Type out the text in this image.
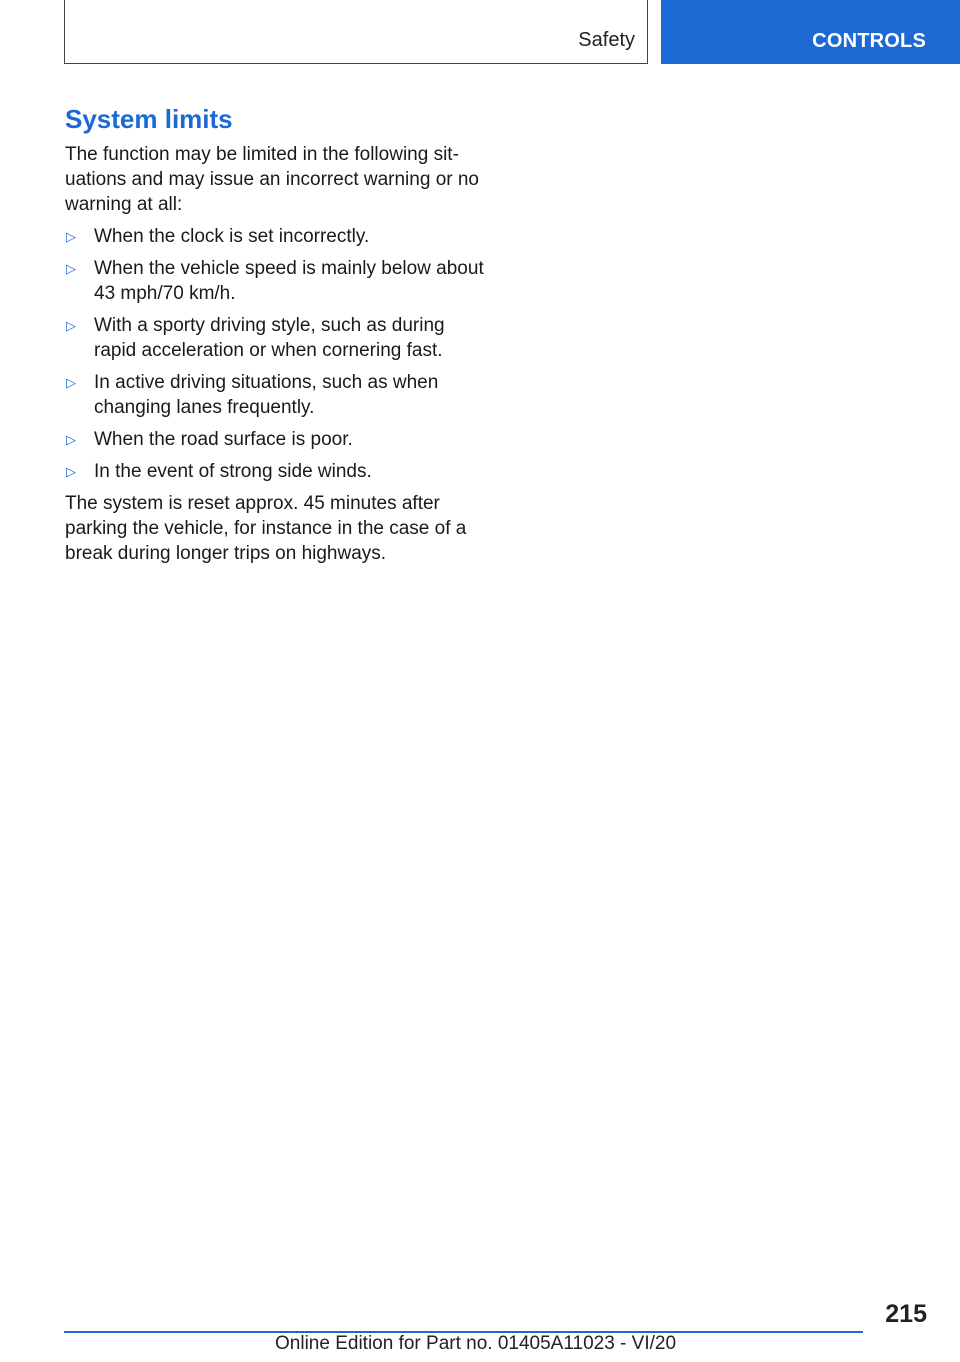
Safety	CONTROLS
System limits

The function may be limited in the following sit-uations and may issue an incorrect warning or no warning at all:

▷ When the clock is set incorrectly.
▷ When the vehicle speed is mainly below about 43 mph/70 km/h.
▷ With a sporty driving style, such as during rapid acceleration or when cornering fast.
▷ In active driving situations, such as when changing lanes frequently.
▷ When the road surface is poor.
▷ In the event of strong side winds.

The system is reset approx. 45 minutes after parking the vehicle, for instance in the case of a break during longer trips on highways.

215
Online Edition for Part no. 01405A11023 - VI/20
